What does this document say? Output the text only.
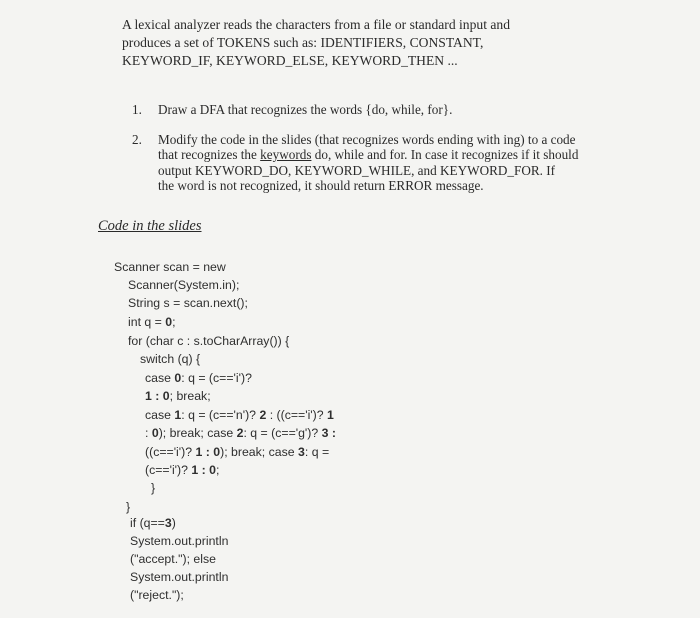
A lexical analyzer reads the characters from a file or standard input and
produces a set of TOKENS such as: IDENTIFIERS, CONSTANT,
KEYWORD_IF, KEYWORD_ELSE, KEYWORD_THEN ...
1. Draw a DFA that recognizes the words {do, while, for}.
2. Modify the code in the slides (that recognizes words ending with ing) to a code
that recognizes the keywords do, while and for. In case it recognizes if it should
output KEYWORD_DO, KEYWORD_WHILE, and KEYWORD_FOR. If
the word is not recognized, it should return ERROR message.
Code in the slides
Scanner scan = new
Scanner(System.in);
String s = scan.next();
int q = 0;
for (char c : s.toCharArray()) {
switch (q) {
case 0: q = (c=='i')?
1 : 0; break;
case 1: q = (c=='n')? 2 : ((c=='i')? 1
: 0); break; case 2: q = (c=='g')? 3 :
((c=='i')? 1 : 0); break; case 3: q =
(c=='i')? 1 : 0;
}
}
if (q==3)
System.out.println
("accept."); else
System.out.println
("reject.");
